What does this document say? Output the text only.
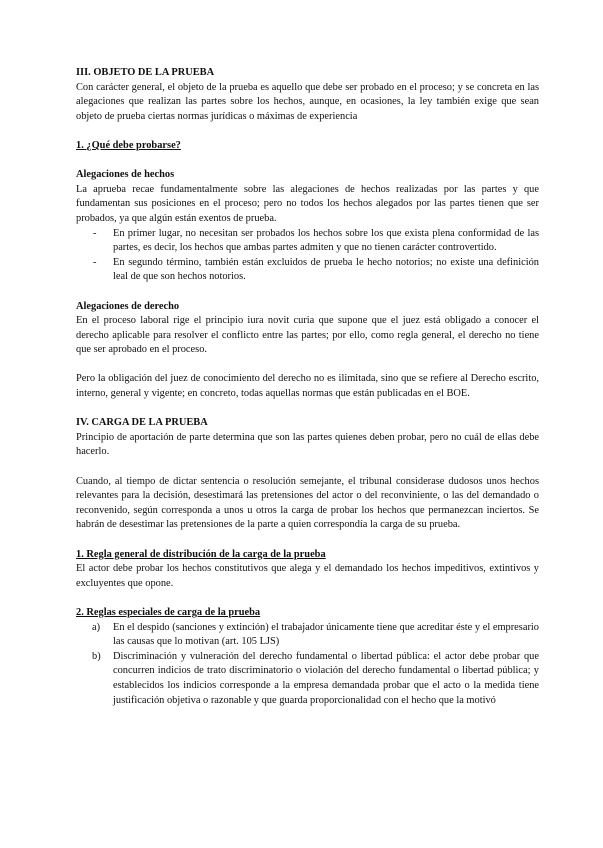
III. OBJETO DE LA PRUEBA

Con carácter general, el objeto de la prueba es aquello que debe ser probado en el proceso; y se concreta en las alegaciones que realizan las partes sobre los hechos, aunque, en ocasiones, la ley también exige que sean objeto de prueba ciertas normas jurídicas o máximas de experiencia

1. ¿Qué debe probarse?

Alegaciones de hechos

La aprueba recae fundamentalmente sobre las alegaciones de hechos realizadas por las partes y que fundamentan sus posiciones en el proceso; pero no todos los hechos alegados por las partes tienen que ser probados, ya que algún están exentos de prueba.

- En primer lugar, no necesitan ser probados los hechos sobre los que exista plena conformidad de las partes, es decir, los hechos que ambas partes admiten y que no tienen carácter controvertido.
- En segundo término, también están excluidos de prueba le hecho notorios; no existe una definición leal de que son hechos notorios.

Alegaciones de derecho

En el proceso laboral rige el principio iura novit curia que supone que el juez está obligado a conocer el derecho aplicable para resolver el conflicto entre las partes; por ello, como regla general, el derecho no tiene que ser aprobado en el proceso.

Pero la obligación del juez de conocimiento del derecho no es ilimitada, sino que se refiere al Derecho escrito, interno, general y vigente; en concreto, todas aquellas normas que están publicadas en el BOE.

IV. CARGA DE LA PRUEBA

Principio de aportación de parte determina que son las partes quienes deben probar, pero no cuál de ellas debe hacerlo.

Cuando, al tiempo de dictar sentencia o resolución semejante, el tribunal considerase dudosos unos hechos relevantes para la decisión, desestimará las pretensiones del actor o del reconviniente, o las del demandado o reconvenido, según corresponda a unos u otros la carga de probar los hechos que permanezcan inciertos. Se habrán de desestimar las pretensiones de la parte a quien correspondía la carga de su prueba.

1. Regla general de distribución de la carga de la prueba

El actor debe probar los hechos constitutivos que alega y el demandado los hechos impeditivos, extintivos y excluyentes que opone.

2. Reglas especiales de carga de la prueba

a) En el despido (sanciones y extinción) el trabajador únicamente tiene que acreditar éste y el empresario las causas que lo motivan (art. 105 LJS)
b) Discriminación y vulneración del derecho fundamental o libertad pública: el actor debe probar que concurren indicios de trato discriminatorio o violación del derecho fundamental o libertad pública; y establecidos los indicios corresponde a la empresa demandada probar que el acto o la medida tiene justificación objetiva o razonable y que guarda proporcionalidad con el hecho que la motivó
